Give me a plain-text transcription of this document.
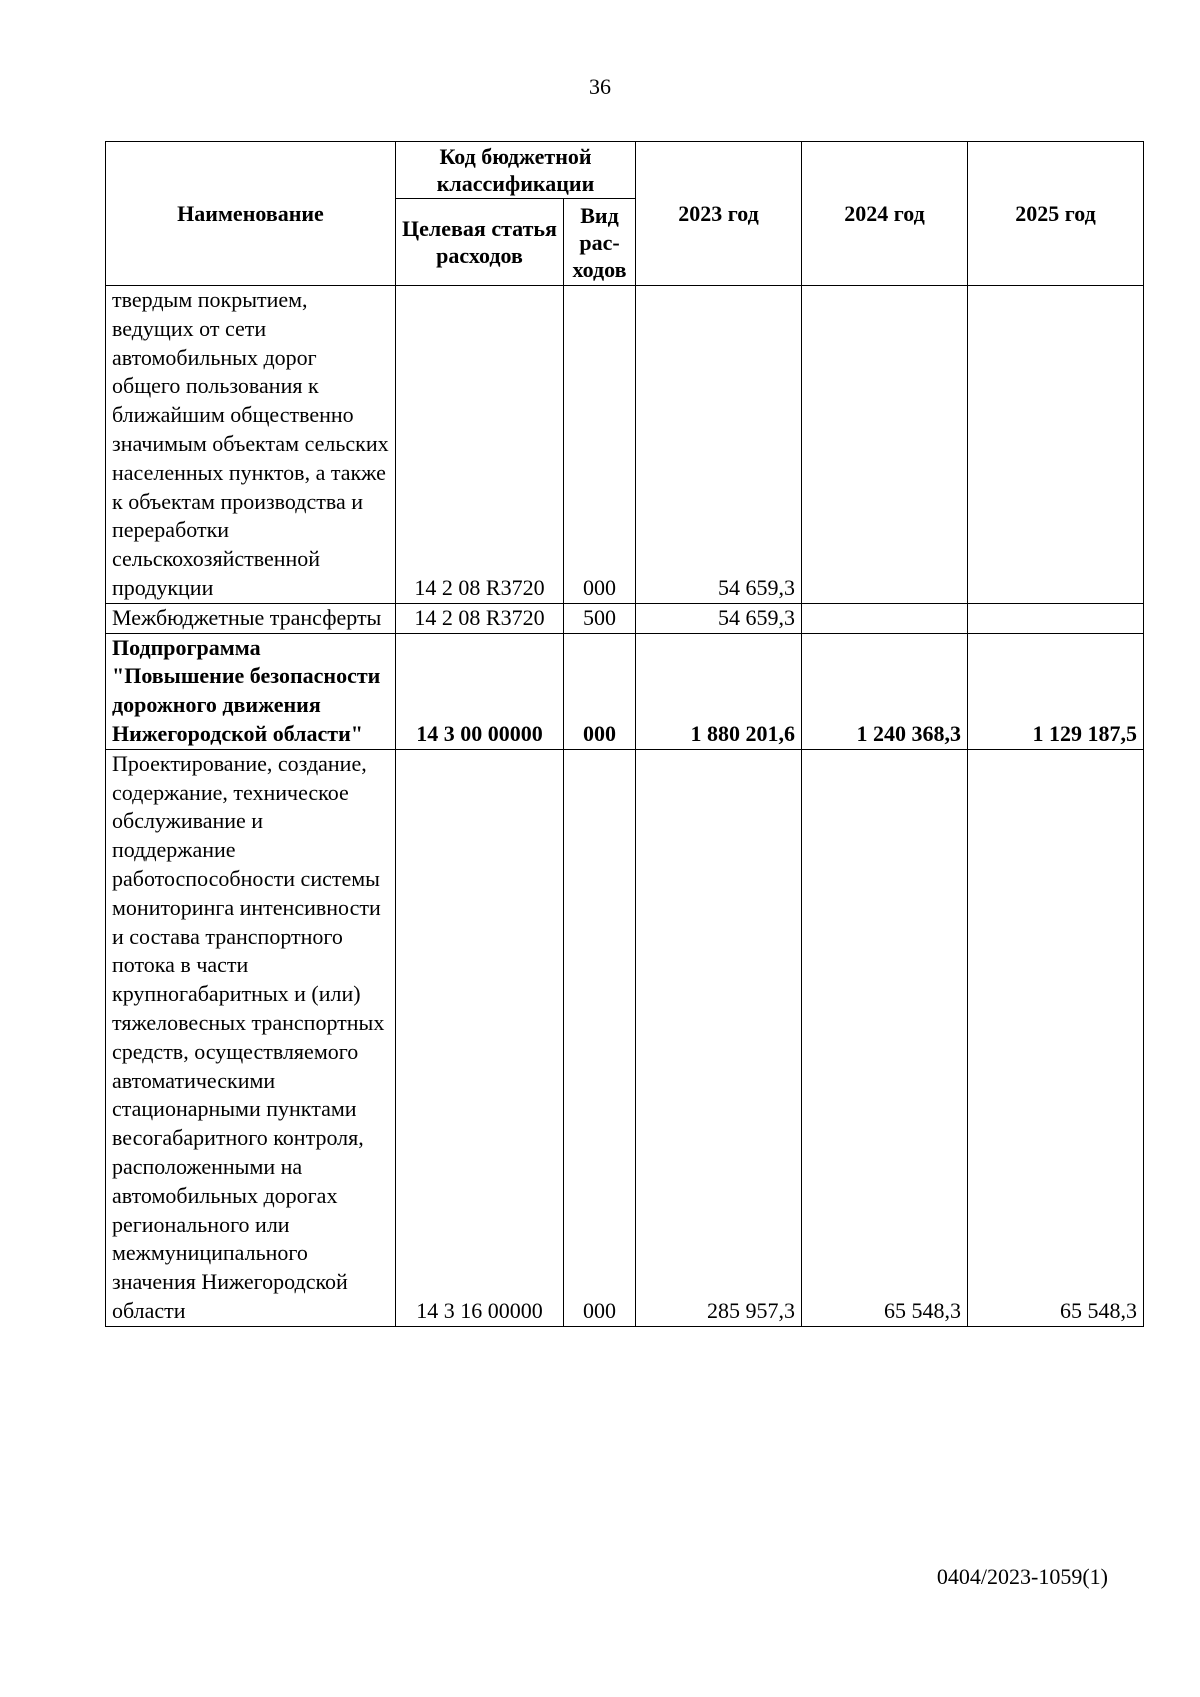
36
Наименование	Код бюджетной классификации		2023 год	2024 год	2025 год
	Целевая статья расходов	Вид рас-ходов			
твердым покрытием, ведущих от сети автомобильных дорог общего пользования к ближайшим общественно значимым объектам сельских населенных пунктов, а также к объектам производства и переработки сельскохозяйственной продукции	14 2 08 R3720	000	54 659,3		
Межбюджетные трансферты	14 2 08 R3720	500	54 659,3		
Подпрограмма "Повышение безопасности дорожного движения Нижегородской области"	14 3 00 00000	000	1 880 201,6	1 240 368,3	1 129 187,5
Проектирование, создание, содержание, техническое обслуживание и поддержание работоспособности системы мониторинга интенсивности и состава транспортного потока в части крупногабаритных и (или) тяжеловесных транспортных средств, осуществляемого автоматическими стационарными пунктами весогабаритного контроля, расположенными на автомобильных дорогах регионального или межмуниципального значения Нижегородской области	14 3 16 00000	000	285 957,3	65 548,3	65 548,3
0404/2023-1059(1)
